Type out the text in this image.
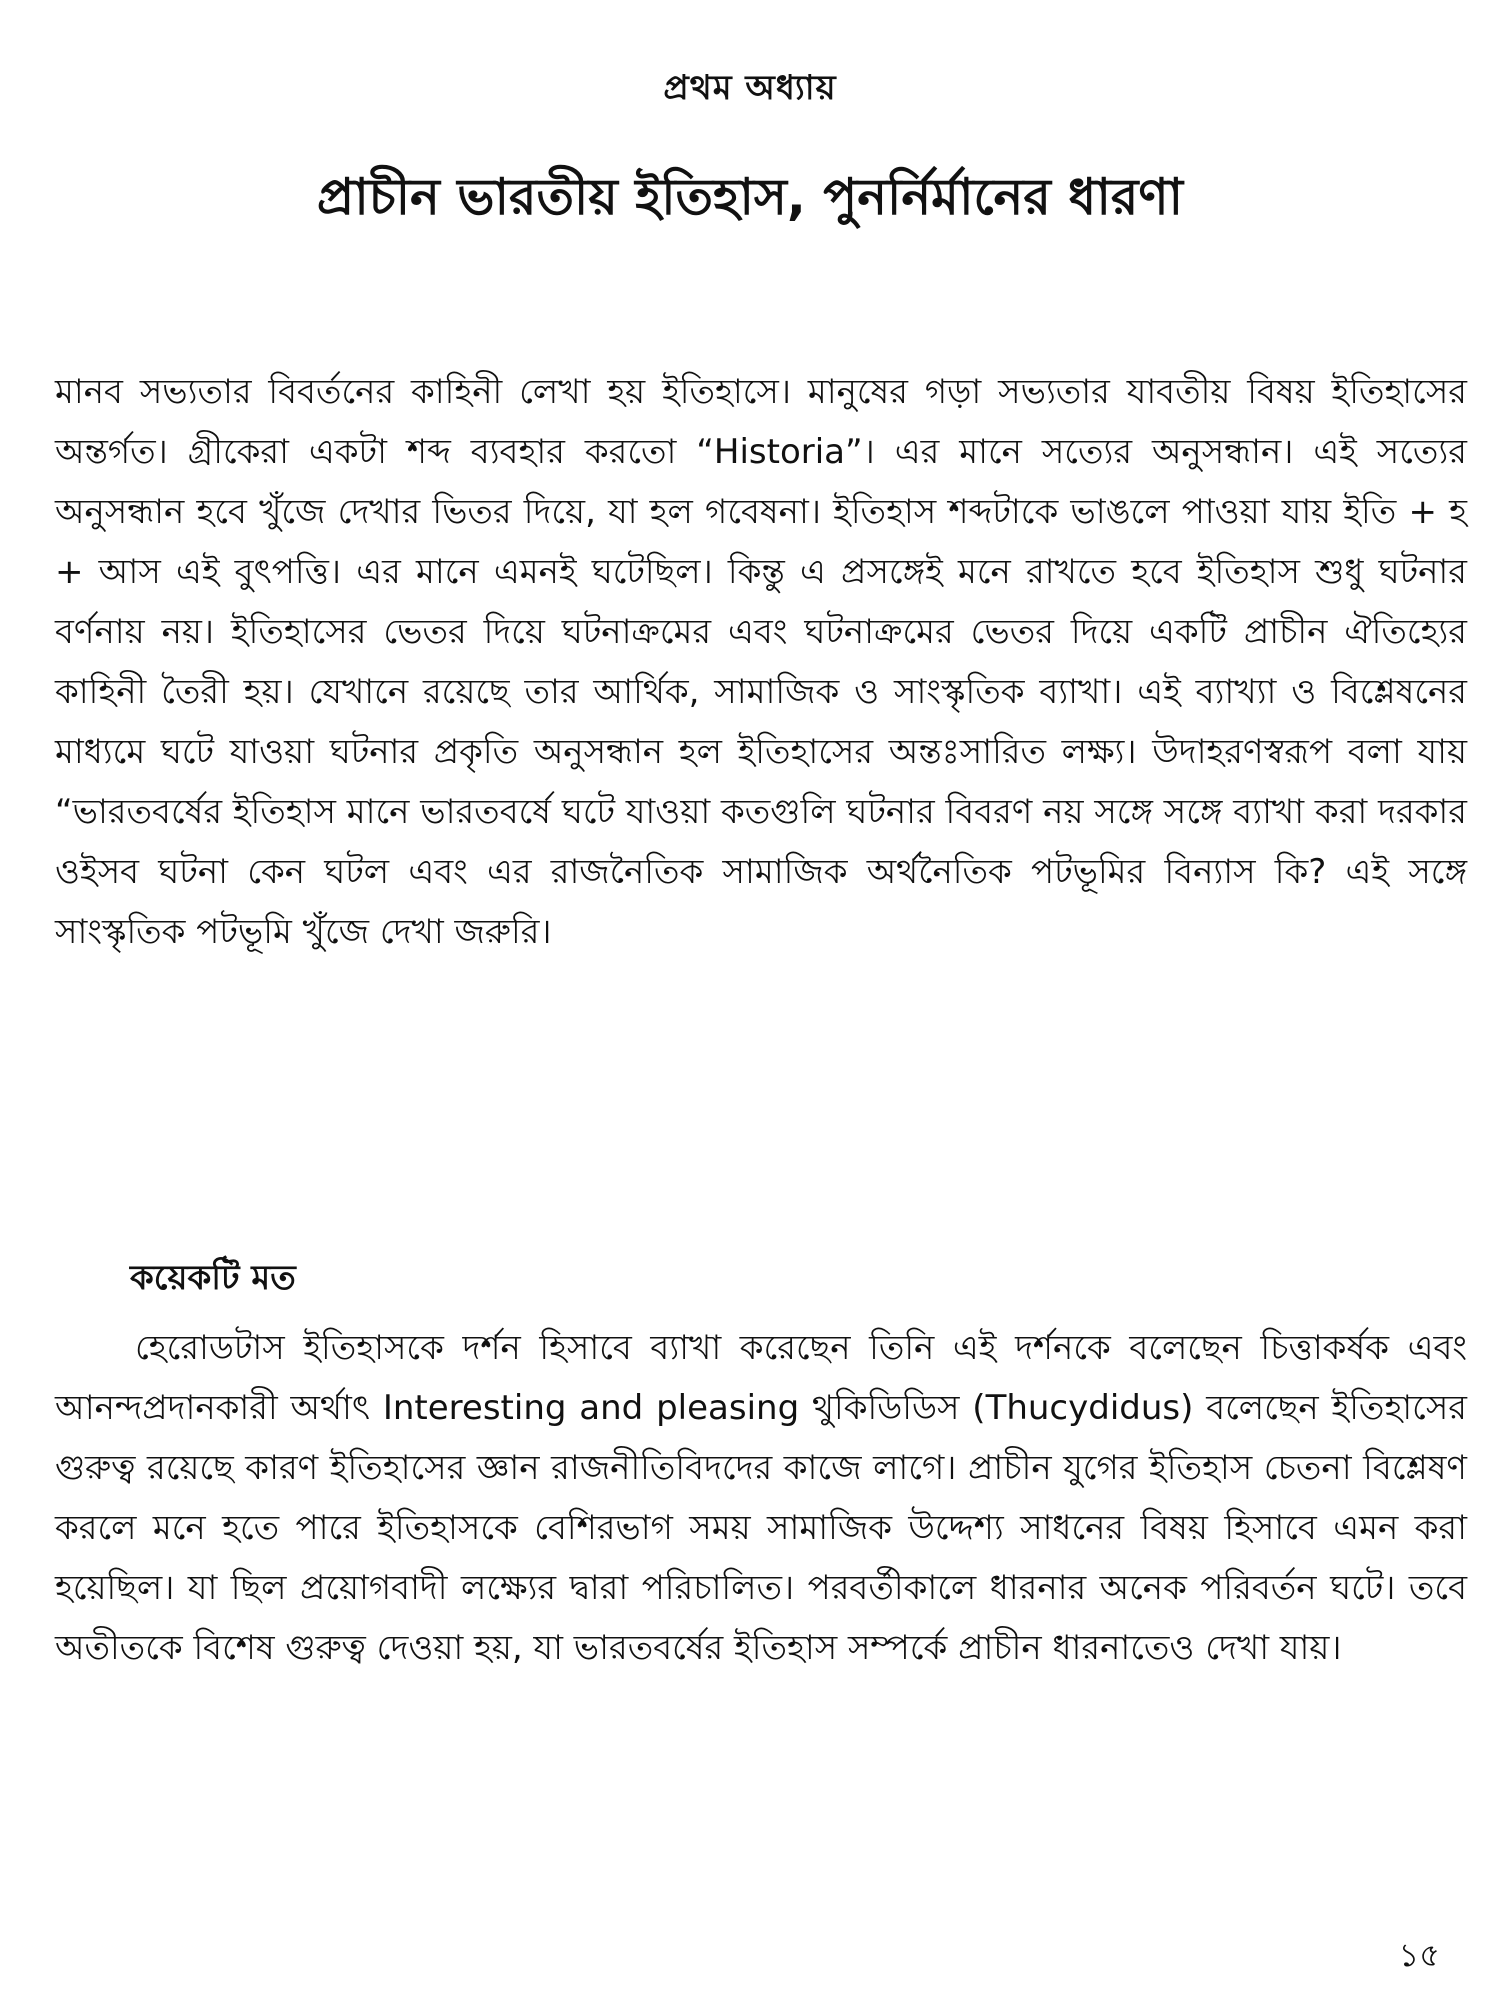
প্রথম অধ্যায়
প্রাচীন ভারতীয় ইতিহাস, পুনর্নির্মানের ধারণা

মানব সভ্যতার বিবর্তনের কাহিনী লেখা হয় ইতিহাসে। মানুষের গড়া সভ্যতার যাবতীয় বিষয় ইতিহাসের অন্তর্গত। গ্রীকেরা একটা শব্দ ব্যবহার করতো “Historia”। এর মানে সত্যের অনুসন্ধান। এই সত্যের অনুসন্ধান হবে খুঁজে দেখার ভিতর দিয়ে, যা হল গবেষনা। ইতিহাস শব্দটাকে ভাঙলে পাওয়া যায় ইতি + হ + আস এই বুৎপত্তি। এর মানে এমনই ঘটেছিল। কিন্তু এ প্রসঙ্গেই মনে রাখতে হবে ইতিহাস শুধু ঘটনার বর্ণনায় নয়। ইতিহাসের ভেতর দিয়ে ঘটনাক্রমের এবং ঘটনাক্রমের ভেতর দিয়ে একটি প্রাচীন ঐতিহ্যের কাহিনী তৈরী হয়। যেখানে রয়েছে তার আর্থিক, সামাজিক ও সাংস্কৃতিক ব্যাখা। এই ব্যাখ্যা ও বিশ্লেষনের মাধ্যমে ঘটে যাওয়া ঘটনার প্রকৃতি অনুসন্ধান হল ইতিহাসের অন্তঃসারিত লক্ষ্য। উদাহরণস্বরূপ বলা যায় “ভারতবর্ষের ইতিহাস মানে ভারতবর্ষে ঘটে যাওয়া কতগুলি ঘটনার বিবরণ নয় সঙ্গে সঙ্গে ব্যাখা করা দরকার ওইসব ঘটনা কেন ঘটল এবং এর রাজনৈতিক সামাজিক অর্থনৈতিক পটভূমির বিন্যাস কি? এই সঙ্গে সাংস্কৃতিক পটভূমি খুঁজে দেখা জরুরি।

কয়েকটি মত

হেরোডটাস ইতিহাসকে দর্শন হিসাবে ব্যাখা করেছেন তিনি এই দর্শনকে বলেছেন চিত্তাকর্ষক এবং আনন্দপ্রদানকারী অর্থাৎ Interesting and pleasing থুকিডিডিস (Thucydidus) বলেছেন ইতিহাসের গুরুত্ব রয়েছে কারণ ইতিহাসের জ্ঞান রাজনীতিবিদদের কাজে লাগে। প্রাচীন যুগের ইতিহাস চেতনা বিশ্লেষণ করলে মনে হতে পারে ইতিহাসকে বেশিরভাগ সময় সামাজিক উদ্দেশ্য সাধনের বিষয় হিসাবে এমন করা হয়েছিল। যা ছিল প্রয়োগবাদী লক্ষ্যের দ্বারা পরিচালিত। পরবর্তীকালে ধারনার অনেক পরিবর্তন ঘটে। তবে অতীতকে বিশেষ গুরুত্ব দেওয়া হয়, যা ভারতবর্ষের ইতিহাস সম্পর্কে প্রাচীন ধারনাতেও দেখা যায়।

১৫
